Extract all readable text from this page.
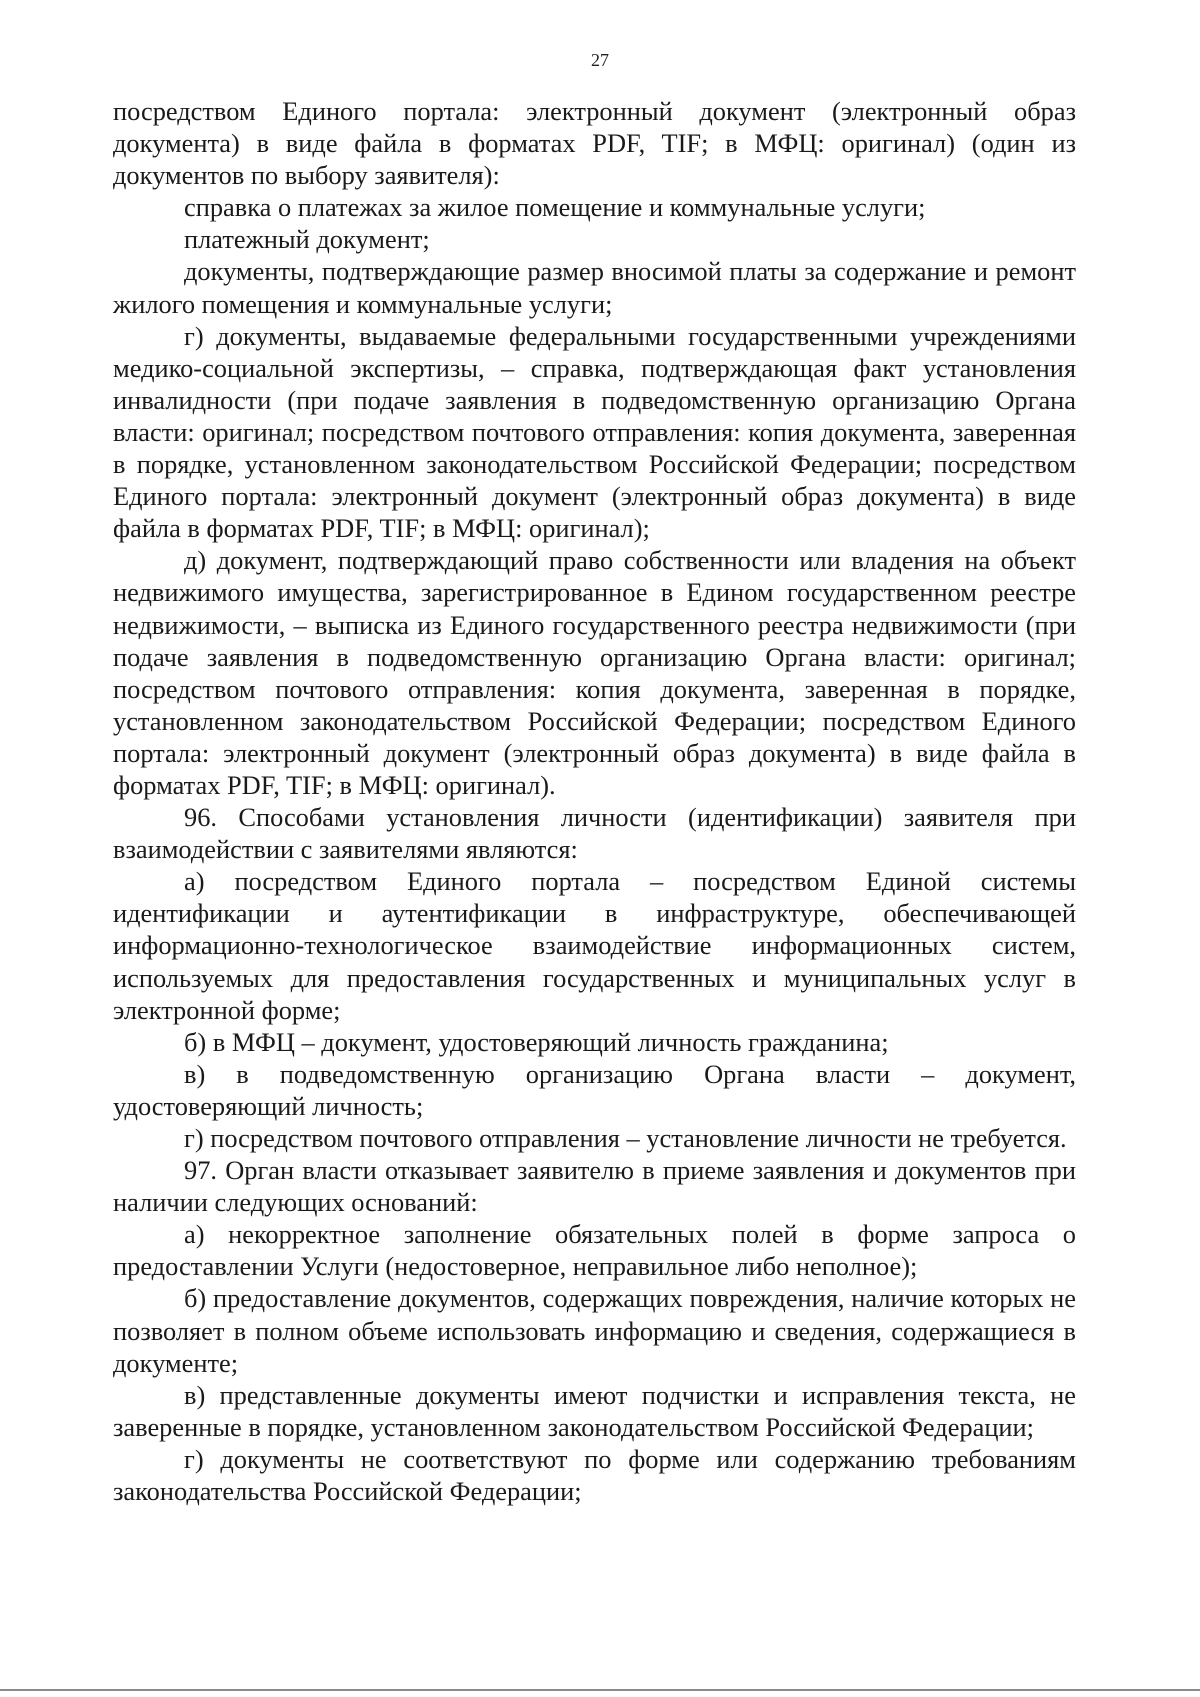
27

посредством Единого портала: электронный документ (электронный образ документа) в виде файла в форматах PDF, TIF; в МФЦ: оригинал) (один из документов по выбору заявителя):

справка о платежах за жилое помещение и коммунальные услуги;

платежный документ;

документы, подтверждающие размер вносимой платы за содержание и ремонт жилого помещения и коммунальные услуги;

г) документы, выдаваемые федеральными государственными учреждениями медико-социальной экспертизы, – справка, подтверждающая факт установления инвалидности (при подаче заявления в подведомственную организацию Органа власти: оригинал; посредством почтового отправления: копия документа, заверенная в порядке, установленном законодательством Российской Федерации; посредством Единого портала: электронный документ (электронный образ документа) в виде файла в форматах PDF, TIF; в МФЦ: оригинал);

д) документ, подтверждающий право собственности или владения на объект недвижимого имущества, зарегистрированное в Едином государственном реестре недвижимости, – выписка из Единого государственного реестра недвижимости (при подаче заявления в подведомственную организацию Органа власти: оригинал; посредством почтового отправления: копия документа, заверенная в порядке, установленном законодательством Российской Федерации; посредством Единого портала: электронный документ (электронный образ документа) в виде файла в форматах PDF, TIF; в МФЦ: оригинал).

96. Способами установления личности (идентификации) заявителя при взаимодействии с заявителями являются:

а) посредством Единого портала – посредством Единой системы идентификации и аутентификации в инфраструктуре, обеспечивающей информационно-технологическое взаимодействие информационных систем, используемых для предоставления государственных и муниципальных услуг в электронной форме;

б) в МФЦ – документ, удостоверяющий личность гражданина;

в) в подведомственную организацию Органа власти – документ, удостоверяющий личность;

г) посредством почтового отправления – установление личности не требуется.

97. Орган власти отказывает заявителю в приеме заявления и документов при наличии следующих оснований:

а) некорректное заполнение обязательных полей в форме запроса о предоставлении Услуги (недостоверное, неправильное либо неполное);

б) предоставление документов, содержащих повреждения, наличие которых не позволяет в полном объеме использовать информацию и сведения, содержащиеся в документе;

в) представленные документы имеют подчистки и исправления текста, не заверенные в порядке, установленном законодательством Российской Федерации;

г) документы не соответствуют по форме или содержанию требованиям законодательства Российской Федерации;
